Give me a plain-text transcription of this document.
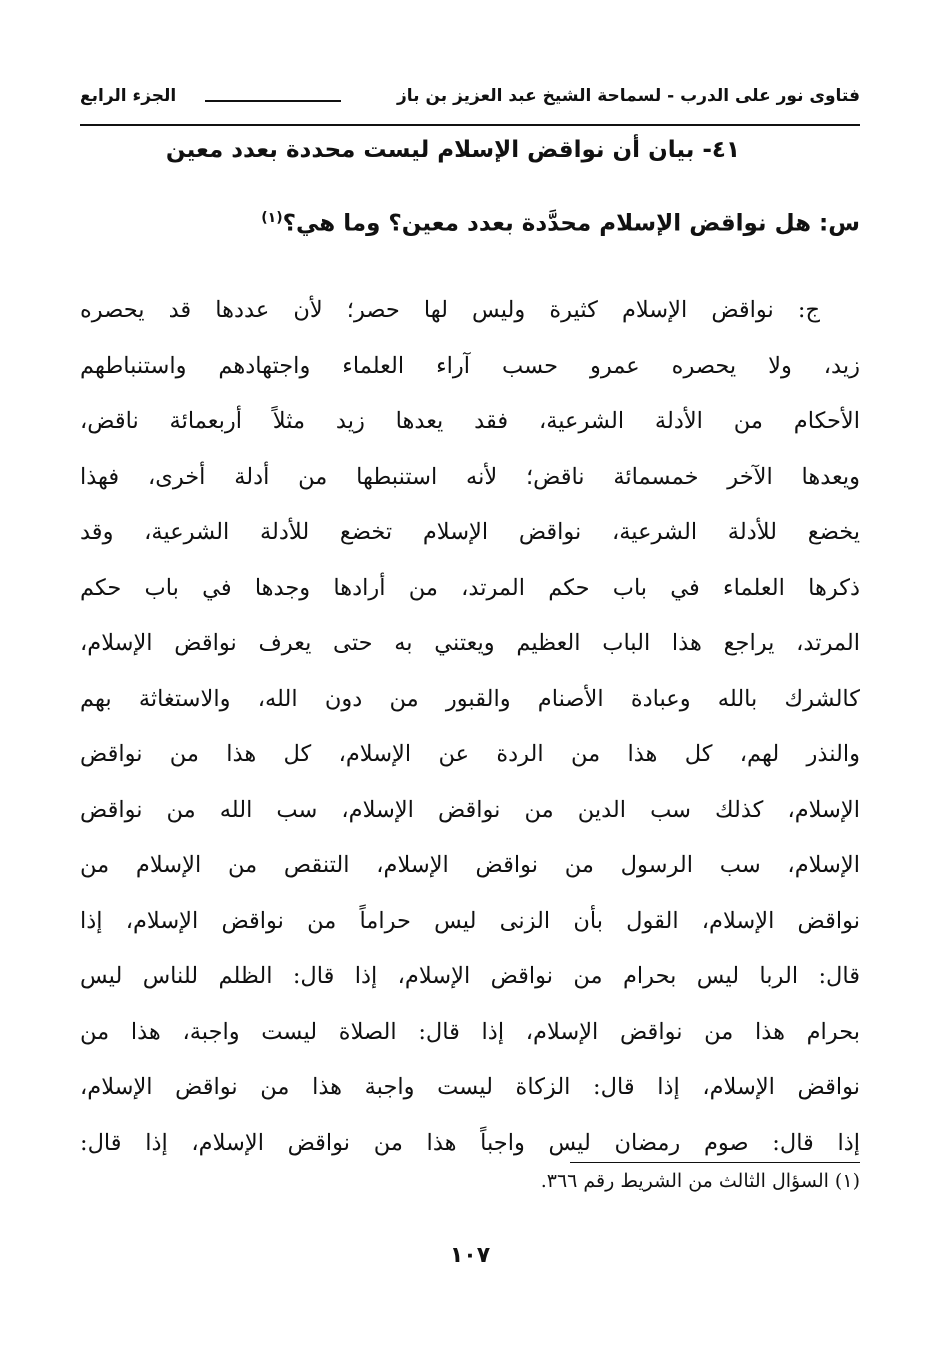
فتاوى نور على الدرب - لسماحة الشيخ عبد العزيز بن باز
الجزء الرابع
٤١- بيان أن نواقض الإسلام ليست محددة بعدد معين
س: هل نواقض الإسلام محدَّدة بعدد معين؟ وما هي؟$^{(١)}$
ج: نواقض الإسلام كثيرة وليس لها حصر؛ لأن عددها قد يحصره
زيد، ولا يحصره عمرو حسب آراء العلماء واجتهادهم واستنباطهم
الأحكام من الأدلة الشرعية، فقد يعدها زيد مثلاً أربعمائة ناقض،
ويعدها الآخر خمسمائة ناقض؛ لأنه استنبطها من أدلة أخرى، فهذا
يخضع للأدلة الشرعية، نواقض الإسلام تخضع للأدلة الشرعية، وقد
ذكرها العلماء في باب حكم المرتد، من أرادها وجدها في باب حكم
المرتد، يراجع هذا الباب العظيم ويعتني به حتى يعرف نواقض الإسلام،
كالشرك بالله وعبادة الأصنام والقبور من دون الله، والاستغاثة بهم
والنذر لهم، كل هذا من الردة عن الإسلام، كل هذا من نواقض
الإسلام، كذلك سب الدين من نواقض الإسلام، سب الله من نواقض
الإسلام، سب الرسول من نواقض الإسلام، التنقص من الإسلام من
نواقض الإسلام، القول بأن الزنى ليس حراماً من نواقض الإسلام، إذا
قال: الربا ليس بحرام من نواقض الإسلام، إذا قال: الظلم للناس ليس
بحرام هذا من نواقض الإسلام، إذا قال: الصلاة ليست واجبة، هذا من
نواقض الإسلام، إذا قال: الزكاة ليست واجبة هذا من نواقض الإسلام،
إذا قال: صوم رمضان ليس واجباً هذا من نواقض الإسلام، إذا قال:
(١) السؤال الثالث من الشريط رقم ٣٦٦.
١٠٧
